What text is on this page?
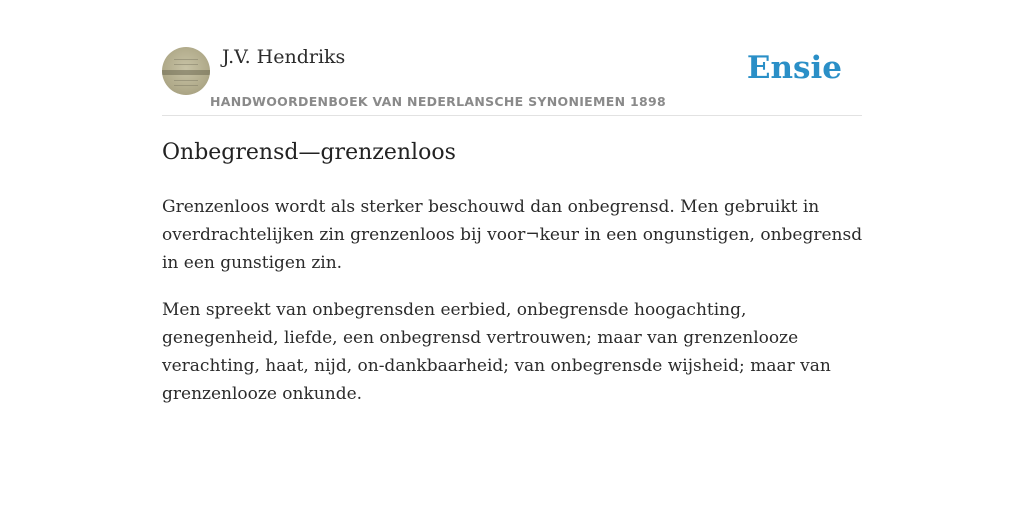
J.V. Hendriks
HANDWOORDENBOEK VAN NEDERLANSCHE SYNONIEMEN 1898
Ensie
Onbegrensd—grenzenloos

Grenzenloos wordt als sterker beschouwd dan onbegrensd. Men gebruikt in overdrachtelijken zin grenzenloos bij voor¬keur in een ongunstigen, onbegrensd in een gunstigen zin.

Men spreekt van onbegrensden eerbied, onbegrensde hoogachting, genegenheid, liefde, een onbegrensd vertrouwen; maar van grenzenlooze verachting, haat, nijd, on-dankbaarheid; van onbegrensde wijsheid; maar van grenzenlooze onkunde.
